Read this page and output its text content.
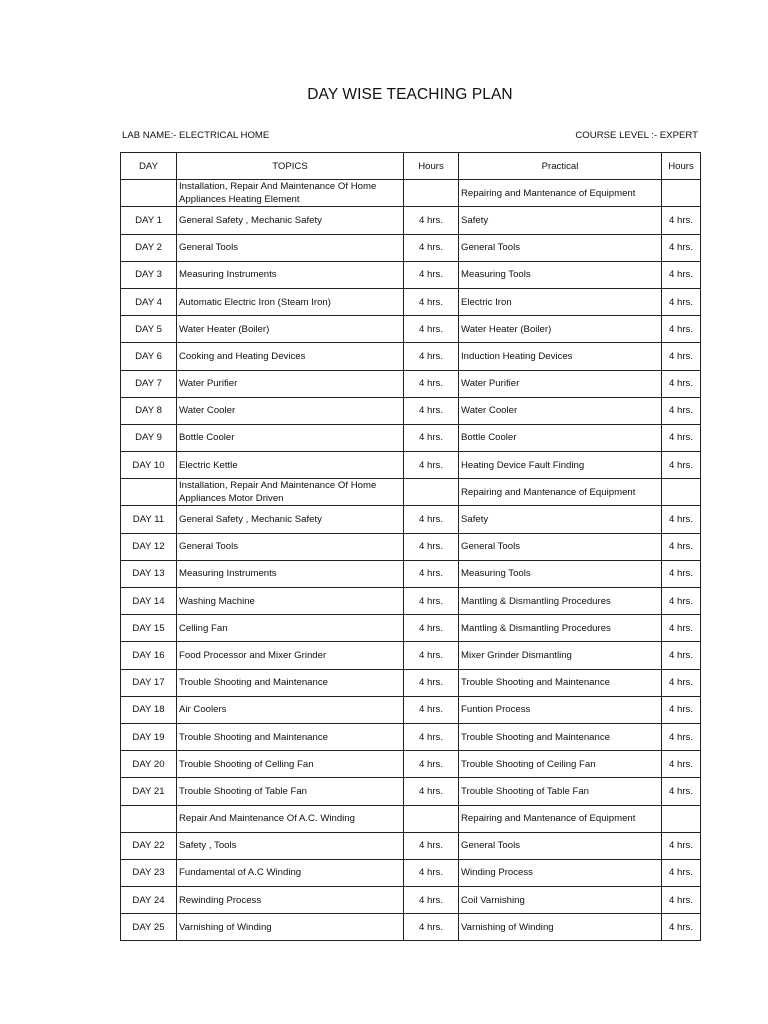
DAY WISE TEACHING PLAN
LAB NAME:- ELECTRICAL HOME	COURSE LEVEL :- EXPERT
DAY	TOPICS	Hours	Practical	Hours
	Installation, Repair And Maintenance Of Home Appliances Heating Element		Repairing and Mantenance of Equipment	
DAY 1	General Safety , Mechanic Safety	4 hrs.	Safety	4 hrs.
DAY 2	General Tools	4 hrs.	General Tools	4 hrs.
DAY 3	Measuring Instruments	4 hrs.	Measuring Tools	4 hrs.
DAY 4	Automatic Electric Iron (Steam Iron)	4 hrs.	Electric Iron	4 hrs.
DAY 5	Water Heater (Boiler)	4 hrs.	Water Heater (Boiler)	4 hrs.
DAY 6	Cooking and Heating Devices	4 hrs.	Induction Heating Devices	4 hrs.
DAY 7	Water Purifier	4 hrs.	Water Purifier	4 hrs.
DAY 8	Water Cooler	4 hrs.	Water Cooler	4 hrs.
DAY 9	Bottle Cooler	4 hrs.	Bottle Cooler	4 hrs.
DAY 10	Electric Kettle	4 hrs.	Heating Device Fault Finding	4 hrs.
	Installation, Repair And Maintenance Of Home Appliances Motor Driven		Repairing and Mantenance of Equipment	
DAY 11	General Safety , Mechanic Safety	4 hrs.	Safety	4 hrs.
DAY 12	General Tools	4 hrs.	General Tools	4 hrs.
DAY 13	Measuring Instruments	4 hrs.	Measuring Tools	4 hrs.
DAY 14	Washing Machine	4 hrs.	Mantling & Dismantling Procedures	4 hrs.
DAY 15	Celling Fan	4 hrs.	Mantling & Dismantling Procedures	4 hrs.
DAY 16	Food Processor and Mixer Grinder	4 hrs.	Mixer Grinder Dismantling	4 hrs.
DAY 17	Trouble Shooting and Maintenance	4 hrs.	Trouble Shooting and Maintenance	4 hrs.
DAY 18	Air Coolers	4 hrs.	Funtion Process	4 hrs.
DAY 19	Trouble Shooting and Maintenance	4 hrs.	Trouble Shooting and Maintenance	4 hrs.
DAY 20	Trouble Shooting of Celling Fan	4 hrs.	Trouble Shooting of Ceiling Fan	4 hrs.
DAY 21	Trouble Shooting of Table Fan	4 hrs.	Trouble Shooting of Table Fan	4 hrs.
	Repair And Maintenance Of A.C. Winding		Repairing and Mantenance of Equipment	
DAY 22	Safety , Tools	4 hrs.	General Tools	4 hrs.
DAY 23	Fundamental of A.C Winding	4 hrs.	Winding Process	4 hrs.
DAY 24	Rewinding Process	4 hrs.	Coil Varnishing	4 hrs.
DAY 25	Varnishing of Winding	4 hrs.	Varnishing of Winding	4 hrs.
